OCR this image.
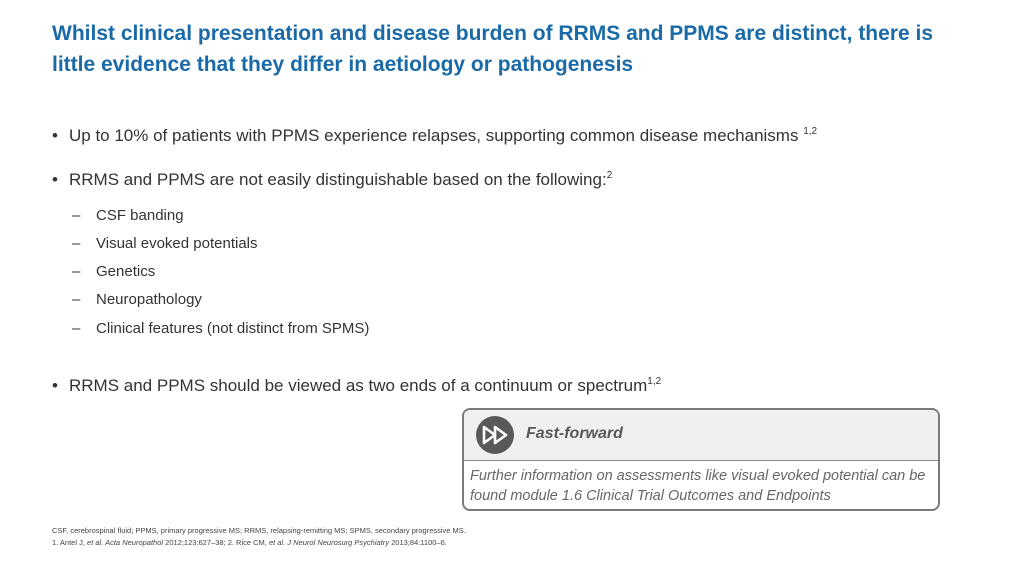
Whilst clinical presentation and disease burden of RRMS and PPMS are distinct, there is little evidence that they differ in aetiology or pathogenesis
• Up to 10% of patients with PPMS experience relapses, supporting common disease mechanisms $^{1,2}$
• RRMS and PPMS are not easily distinguishable based on the following:$^2$
– CSF banding
– Visual evoked potentials
– Genetics
– Neuropathology
– Clinical features (not distinct from SPMS)
• RRMS and PPMS should be viewed as two ends of a continuum or spectrum$^{1,2}$
Fast-forward
Further information on assessments like visual evoked potential can be found module 1.6 Clinical Trial Outcomes and Endpoints
CSF, cerebrospinal fluid; PPMS, primary progressive MS; RRMS, relapsing-remitting MS; SPMS, secondary progressive MS.
1. Antel J, et al. Acta Neuropathol 2012;123:627–38; 2. Rice CM, et al. J Neurol Neurosurg Psychiatry 2013;84:1100–6.
